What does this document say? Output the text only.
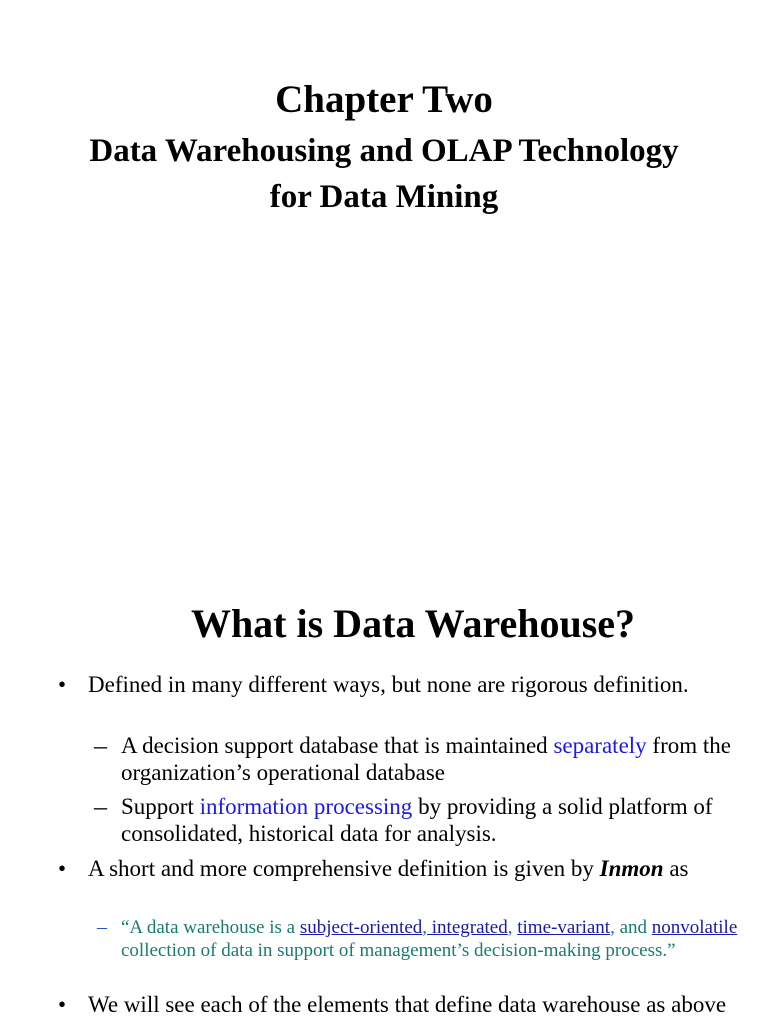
Chapter Two
Data Warehousing and OLAP Technology
for Data Mining
What is Data Warehouse?
• Defined in many different ways, but none are rigorous definition.
– A decision support database that is maintained separately from the organization’s operational database
– Support information processing by providing a solid platform of consolidated, historical data for analysis.
• A short and more comprehensive definition is given by Inmon as
– “A data warehouse is a subject-oriented, integrated, time-variant, and nonvolatile collection of data in support of management’s decision-making process.”
• We will see each of the elements that define data warehouse as above
